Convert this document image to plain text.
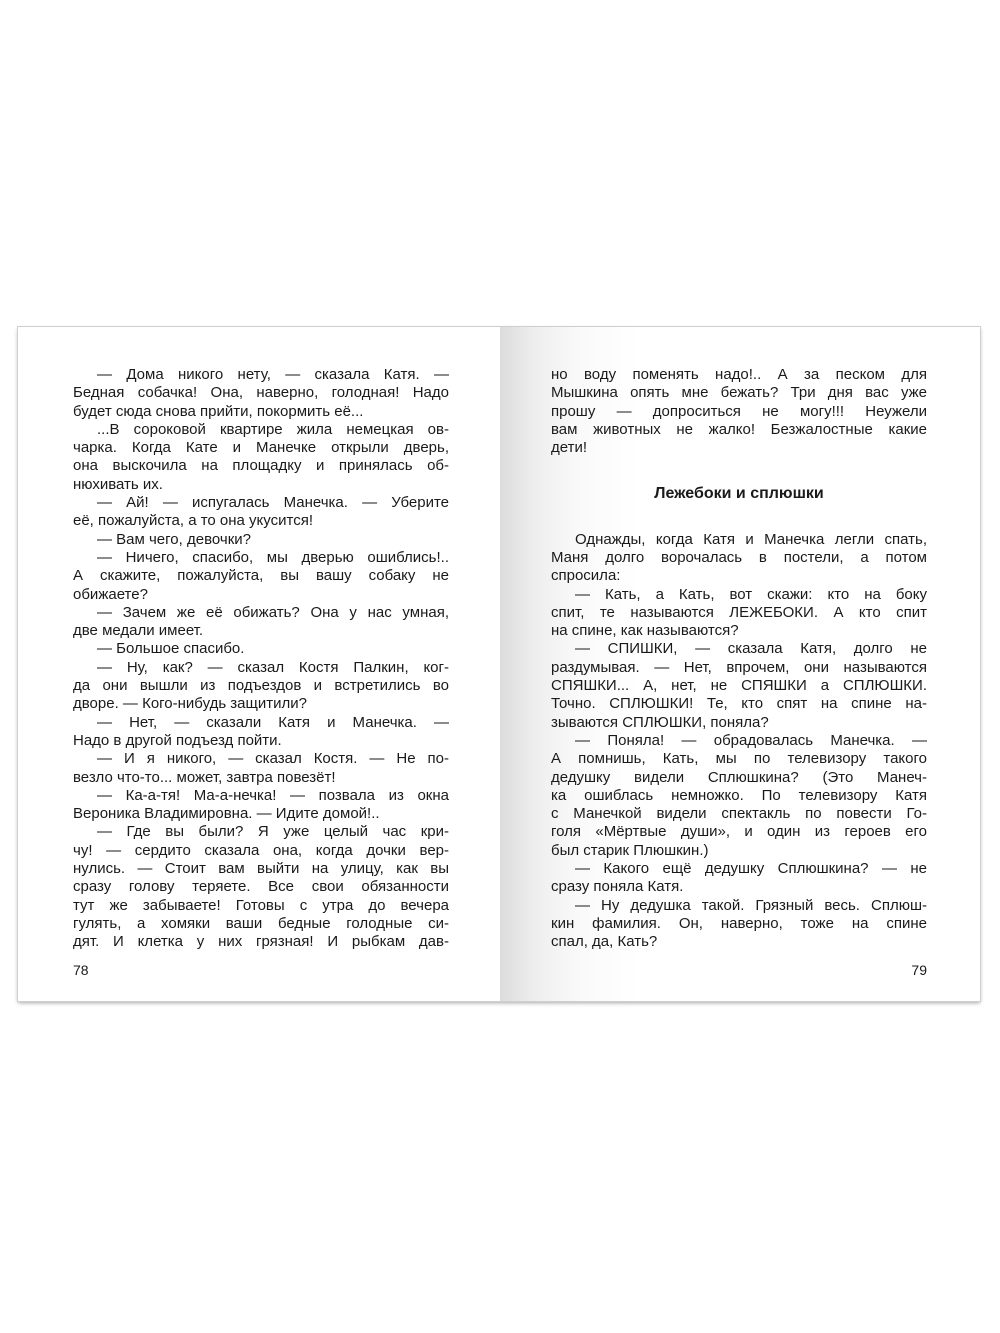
— Дома никого нету, — сказала Катя. —
Бедная собачка! Она, наверно, голодная! Надо
будет сюда снова прийти, покормить её...
...В сороковой квартире жила немецкая ов-
чарка. Когда Кате и Манечке открыли дверь,
она выскочила на площадку и принялась об-
нюхивать их.
— Ай! — испугалась Манечка. — Уберите
её, пожалуйста, а то она укусится!
— Вам чего, девочки?
— Ничего, спасибо, мы дверью ошиблись!..
А скажите, пожалуйста, вы вашу собаку не
обижаете?
— Зачем же её обижать? Она у нас умная,
две медали имеет.
— Большое спасибо.
— Ну, как? — сказал Костя Палкин, ког-
да они вышли из подъездов и встретились во
дворе. — Кого-нибудь защитили?
— Нет, — сказали Катя и Манечка. —
Надо в другой подъезд пойти.
— И я никого, — сказал Костя. — Не по-
везло что-то... может, завтра повезёт!
— Ка-а-тя! Ма-а-нечка! — позвала из окна
Вероника Владимировна. — Идите домой!..
— Где вы были? Я уже целый час кри-
чу! — сердито сказала она, когда дочки вер-
нулись. — Стоит вам выйти на улицу, как вы
сразу голову теряете. Все свои обязанности
тут же забываете! Готовы с утра до вечера
гулять, а хомяки ваши бедные голодные си-
дят. И клетка у них грязная! И рыбкам дав-
78
но воду поменять надо!.. А за песком для
Мышкина опять мне бежать? Три дня вас уже
прошу — допроситься не могу!!! Неужели
вам животных не жалко! Безжалостные какие
дети!
Лежебоки и сплюшки
Однажды, когда Катя и Манечка легли спать,
Маня долго ворочалась в постели, а потом
спросила:
— Кать, а Кать, вот скажи: кто на боку
спит, те называются ЛЕЖЕБОКИ. А кто спит
на спине, как называются?
— СПИШКИ, — сказала Катя, долго не
раздумывая. — Нет, впрочем, они называются
СПЯШКИ... А, нет, не СПЯШКИ а СПЛЮШКИ.
Точно. СПЛЮШКИ! Те, кто спят на спине на-
зываются СПЛЮШКИ, поняла?
— Поняла! — обрадовалась Манечка. —
А помнишь, Кать, мы по телевизору такого
дедушку видели Сплюшкина? (Это Манеч-
ка ошиблась немножко. По телевизору Катя
с Манечкой видели спектакль по повести Го-
голя «Мёртвые души», и один из героев его
был старик Плюшкин.)
— Какого ещё дедушку Сплюшкина? — не
сразу поняла Катя.
— Ну дедушка такой. Грязный весь. Сплюш-
кин фамилия. Он, наверно, тоже на спине
спал, да, Кать?
79
